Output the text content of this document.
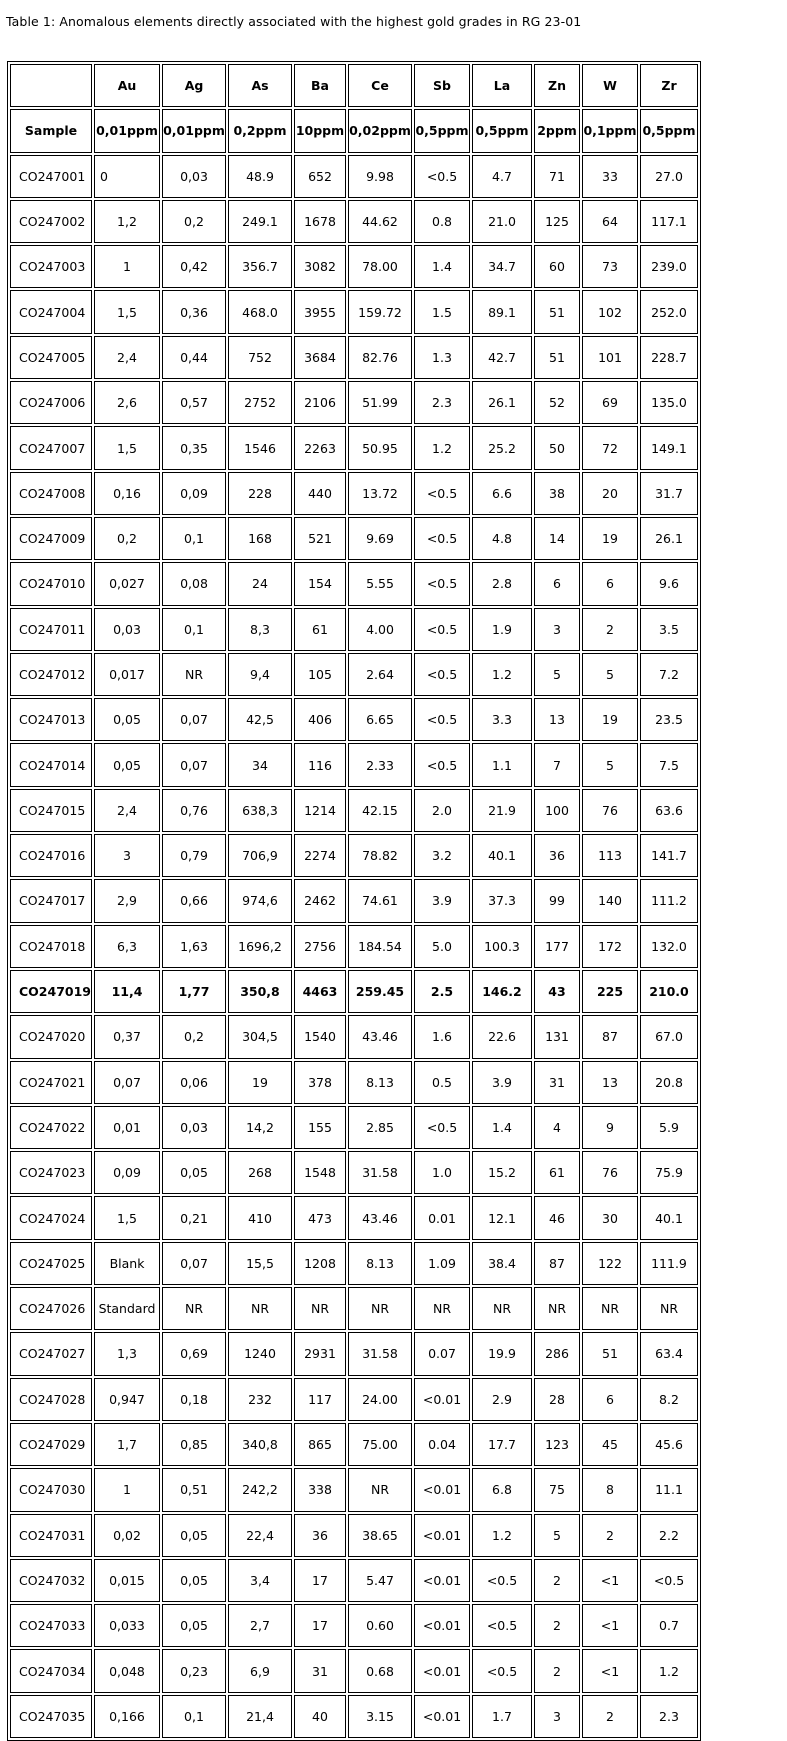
Table 1: Anomalous elements directly associated with the highest gold grades in RG 23-01
	Au	Ag	As	Ba	Ce	Sb	La	Zn	W	Zr
Sample	0,01ppm	0,01ppm	0,2ppm	10ppm	0,02ppm	0,5ppm	0,5ppm	2ppm	0,1ppm	0,5ppm
CO247001	0	0,03	48.9	652	9.98	<0.5	4.7	71	33	27.0
CO247002	1,2	0,2	249.1	1678	44.62	0.8	21.0	125	64	117.1
CO247003	1	0,42	356.7	3082	78.00	1.4	34.7	60	73	239.0
CO247004	1,5	0,36	468.0	3955	159.72	1.5	89.1	51	102	252.0
CO247005	2,4	0,44	752	3684	82.76	1.3	42.7	51	101	228.7
CO247006	2,6	0,57	2752	2106	51.99	2.3	26.1	52	69	135.0
CO247007	1,5	0,35	1546	2263	50.95	1.2	25.2	50	72	149.1
CO247008	0,16	0,09	228	440	13.72	<0.5	6.6	38	20	31.7
CO247009	0,2	0,1	168	521	9.69	<0.5	4.8	14	19	26.1
CO247010	0,027	0,08	24	154	5.55	<0.5	2.8	6	6	9.6
CO247011	0,03	0,1	8,3	61	4.00	<0.5	1.9	3	2	3.5
CO247012	0,017	NR	9,4	105	2.64	<0.5	1.2	5	5	7.2
CO247013	0,05	0,07	42,5	406	6.65	<0.5	3.3	13	19	23.5
CO247014	0,05	0,07	34	116	2.33	<0.5	1.1	7	5	7.5
CO247015	2,4	0,76	638,3	1214	42.15	2.0	21.9	100	76	63.6
CO247016	3	0,79	706,9	2274	78.82	3.2	40.1	36	113	141.7
CO247017	2,9	0,66	974,6	2462	74.61	3.9	37.3	99	140	111.2
CO247018	6,3	1,63	1696,2	2756	184.54	5.0	100.3	177	172	132.0
CO247019	11,4	1,77	350,8	4463	259.45	2.5	146.2	43	225	210.0
CO247020	0,37	0,2	304,5	1540	43.46	1.6	22.6	131	87	67.0
CO247021	0,07	0,06	19	378	8.13	0.5	3.9	31	13	20.8
CO247022	0,01	0,03	14,2	155	2.85	<0.5	1.4	4	9	5.9
CO247023	0,09	0,05	268	1548	31.58	1.0	15.2	61	76	75.9
CO247024	1,5	0,21	410	473	43.46	0.01	12.1	46	30	40.1
CO247025	Blank	0,07	15,5	1208	8.13	1.09	38.4	87	122	111.9
CO247026	Standard	NR	NR	NR	NR	NR	NR	NR	NR	NR
CO247027	1,3	0,69	1240	2931	31.58	0.07	19.9	286	51	63.4
CO247028	0,947	0,18	232	117	24.00	<0.01	2.9	28	6	8.2
CO247029	1,7	0,85	340,8	865	75.00	0.04	17.7	123	45	45.6
CO247030	1	0,51	242,2	338	NR	<0.01	6.8	75	8	11.1
CO247031	0,02	0,05	22,4	36	38.65	<0.01	1.2	5	2	2.2
CO247032	0,015	0,05	3,4	17	5.47	<0.01	<0.5	2	<1	<0.5
CO247033	0,033	0,05	2,7	17	0.60	<0.01	<0.5	2	<1	0.7
CO247034	0,048	0,23	6,9	31	0.68	<0.01	<0.5	2	<1	1.2
CO247035	0,166	0,1	21,4	40	3.15	<0.01	1.7	3	2	2.3
